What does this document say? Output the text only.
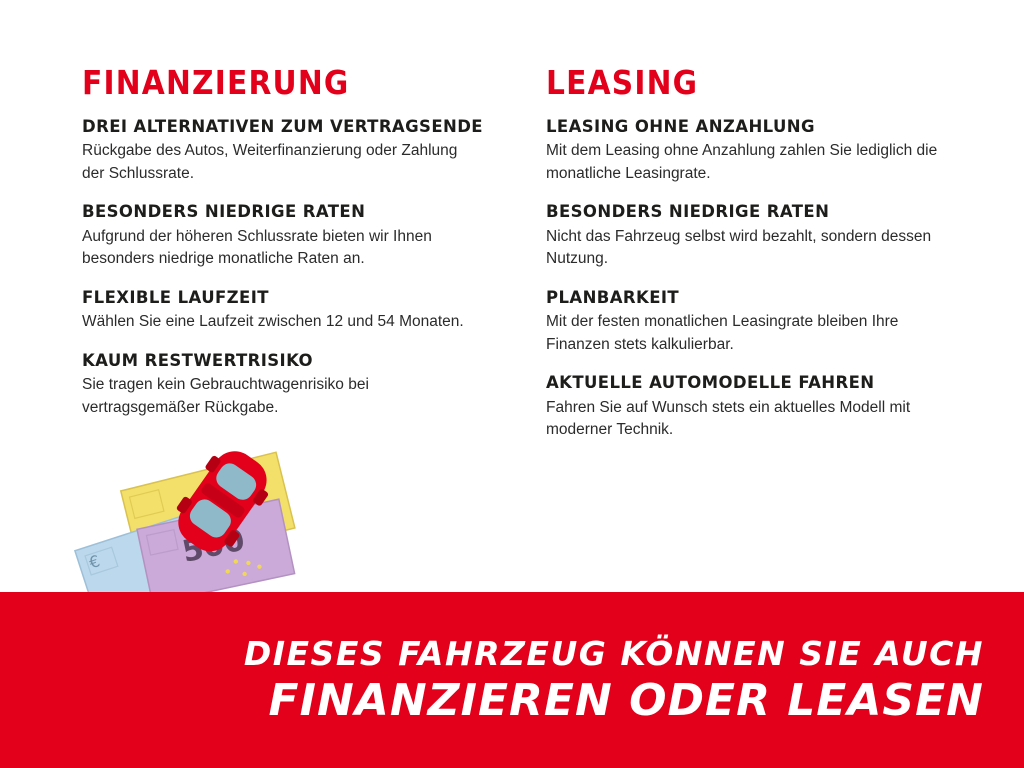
FINANZIERUNG
DREI ALTERNATIVEN ZUM VERTRAGSENDE

Rückgabe des Autos, Weiterfinanzierung oder Zahlung der Schlussrate.

BESONDERS NIEDRIGE RATEN

Aufgrund der höheren Schlussrate bieten wir Ihnen besonders niedrige monatliche Raten an.

FLEXIBLE LAUFZEIT

Wählen Sie eine Laufzeit zwischen 12 und 54 Monaten.

KAUM RESTWERTRISIKO

Sie tragen kein Gebrauchtwagenrisiko bei vertragsgemäßer Rückgabe.

LEASING
LEASING OHNE ANZAHLUNG

Mit dem Leasing ohne Anzahlung zahlen Sie lediglich die monatliche Leasingrate.

BESONDERS NIEDRIGE RATEN

Nicht das Fahrzeug selbst wird bezahlt, sondern dessen Nutzung.

PLANBARKEIT

Mit der festen monatlichen Leasingrate bleiben Ihre Finanzen stets kalkulierbar.

AKTUELLE AUTOMODELLE FAHREN

Fahren Sie auf Wunsch stets ein aktuelles Modell mit moderner Technik.

€
DIESES FAHRZEUG KÖNNEN SIE AUCH
FINANZIEREN ODER LEASEN
